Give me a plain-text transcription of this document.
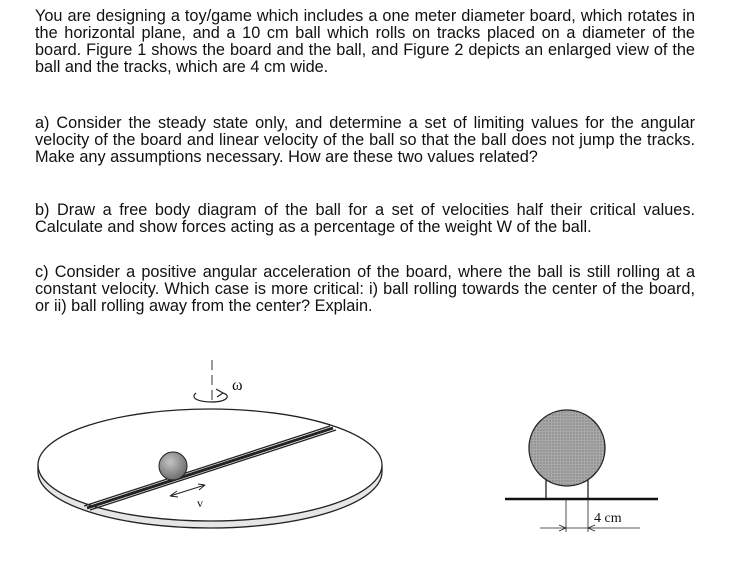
You are designing a toy/game which includes a one meter diameter board, which rotates in the horizontal plane, and a 10 cm ball which rolls on tracks placed on a diameter of the board. Figure 1 shows the board and the ball, and Figure 2 depicts an enlarged view of the ball and the tracks, which are 4 cm wide.

a) Consider the steady state only, and determine a set of limiting values for the angular velocity of the board and linear velocity of the ball so that the ball does not jump the tracks. Make any assumptions necessary. How are these two values related?

b) Draw a free body diagram of the ball for a set of velocities half their critical values. Calculate and show forces acting as a percentage of the weight W of the ball.

c) Consider a positive angular acceleration of the board, where the ball is still rolling at a constant velocity. Which case is more critical: i) ball rolling towards the center of the board, or ii) ball rolling away from the center? Explain.

ω
v
4 cm
